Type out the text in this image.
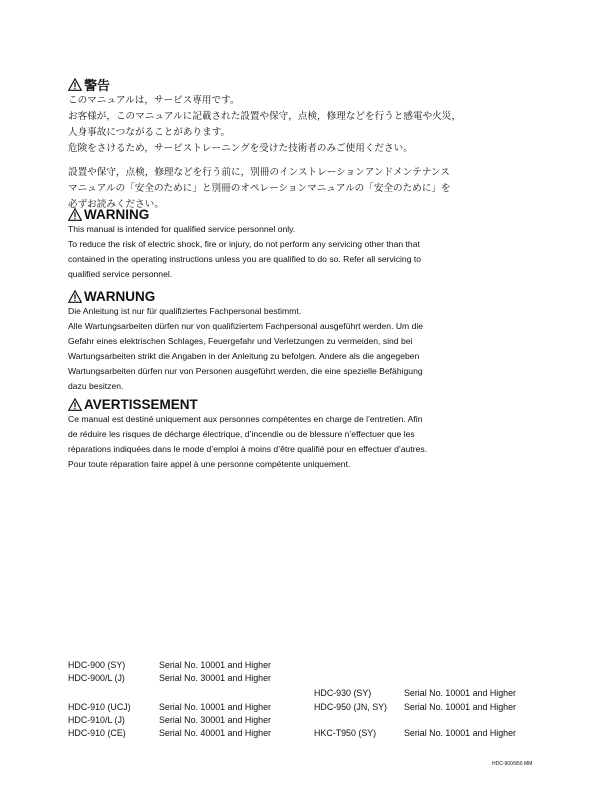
警告
このマニュアルは，サービス専用です。
お客様が，このマニュアルに記載された設置や保守，点検，修理などを行うと感電や火災，
人身事故につながることがあります。
危険をさけるため，サービストレーニングを受けた技術者のみご使用ください。
設置や保守，点検，修理などを行う前に，別冊のインストレーションアンドメンテナンス
マニュアルの「安全のために」と別冊のオペレーションマニュアルの「安全のために」を
必ずお読みください。
WARNING
This manual is intended for qualified service personnel only.
To reduce the risk of electric shock, fire or injury, do not perform any servicing other than that
contained in the operating instructions unless you are qualified to do so. Refer all servicing to
qualified service personnel.
WARNUNG
Die Anleitung ist nur für qualifiziertes Fachpersonal bestimmt.
Alle Wartungsarbeiten dürfen nur von qualifiziertem Fachpersonal ausgeführt werden. Um die
Gefahr eines elektrischen Schlages, Feuergefahr und Verletzungen zu vermeiden, sind bei
Wartungsarbeiten strikt die Angaben in der Anleitung zu befolgen. Andere als die angegeben
Wartungsarbeiten dürfen nur von Personen ausgeführt werden, die eine spezielle Befähigung
dazu besitzen.
AVERTISSEMENT
Ce manual est destiné uniquement aux personnes compétentes en charge de l’entretien. Afin
de réduire les risques de décharge électrique, d’incendie ou de blessure n’effectuer que les
réparations indiquées dans le mode d’emploi à moins d’être qualifié pour en effectuer d’autres.
Pour toute réparation faire appel à une personne compétente uniquement.
HDC-900 (SY)	Serial No. 10001 and Higher
HDC-900/L (J)	Serial No. 30001 and Higher
HDC-910 (UCJ)	Serial No. 10001 and Higher
HDC-910/L (J)	Serial No. 30001 and Higher
HDC-910 (CE)	Serial No. 40001 and Higher
HDC-930 (SY)	Serial No. 10001 and Higher
HDC-950 (JN, SY) Serial No. 10001 and Higher
HKC-T950 (SY)	Serial No. 10001 and Higher
HDC-900/950 MM
